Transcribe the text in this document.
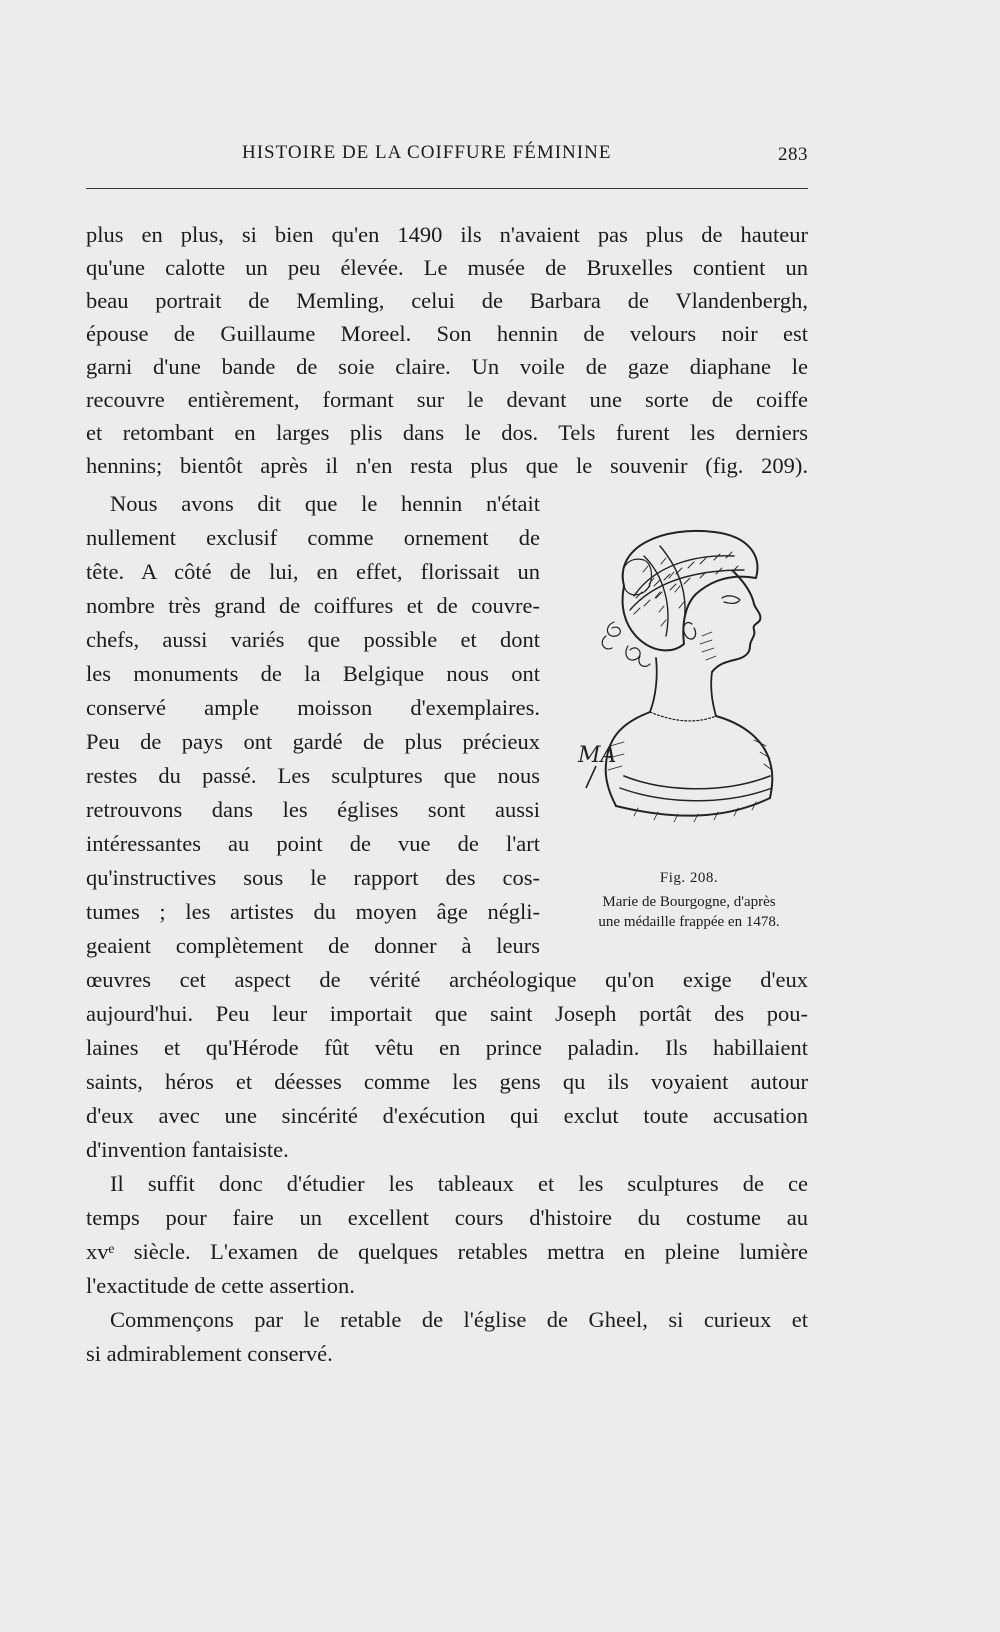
HISTOIRE DE LA COIFFURE FÉMININE	283
plus en plus, si bien qu'en 1490 ils n'avaient pas plus de hauteur
qu'une calotte un peu élevée. Le musée de Bruxelles contient un
beau portrait de Memling, celui de Barbara de Vlandenbergh,
épouse de Guillaume Moreel. Son hennin de velours noir est
garni d'une bande de soie claire. Un voile de gaze diaphane le
recouvre entièrement, formant sur le devant une sorte de coiffe
et retombant en larges plis dans le dos. Tels furent les derniers
hennins; bientôt après il n'en resta plus que le souvenir (fig. 209).
Nous avons dit que le hennin n'était
nullement exclusif comme ornement de
tête. A côté de lui, en effet, florissait un
nombre très grand de coiffures et de couvre-
chefs, aussi variés que possible et dont
les monuments de la Belgique nous ont
conservé ample moisson d'exemplaires.
Peu de pays ont gardé de plus précieux
restes du passé. Les sculptures que nous
retrouvons dans les églises sont aussi
intéressantes au point de vue de l'art
qu'instructives sous le rapport des cos-
tumes ; les artistes du moyen âge négli-
geaient complètement de donner à leurs
œuvres cet aspect de vérité archéologique qu'on exige d'eux
aujourd'hui. Peu leur importait que saint Joseph portât des pou-
laines et qu'Hérode fût vêtu en prince paladin. Ils habillaient
saints, héros et déesses comme les gens qu ils voyaient autour
d'eux avec une sincérité d'exécution qui exclut toute accusation
d'invention fantaisiste.
Il suffit donc d'étudier les tableaux et les sculptures de ce
temps pour faire un excellent cours d'histoire du costume au
xvᵉ siècle. L'examen de quelques retables mettra en pleine lumière
l'exactitude de cette assertion.
Commençons par le retable de l'église de Gheel, si curieux et
si admirablement conservé.
MA
Fig. 208.
Marie de Bourgogne, d'après
une médaille frappée en 1478.
